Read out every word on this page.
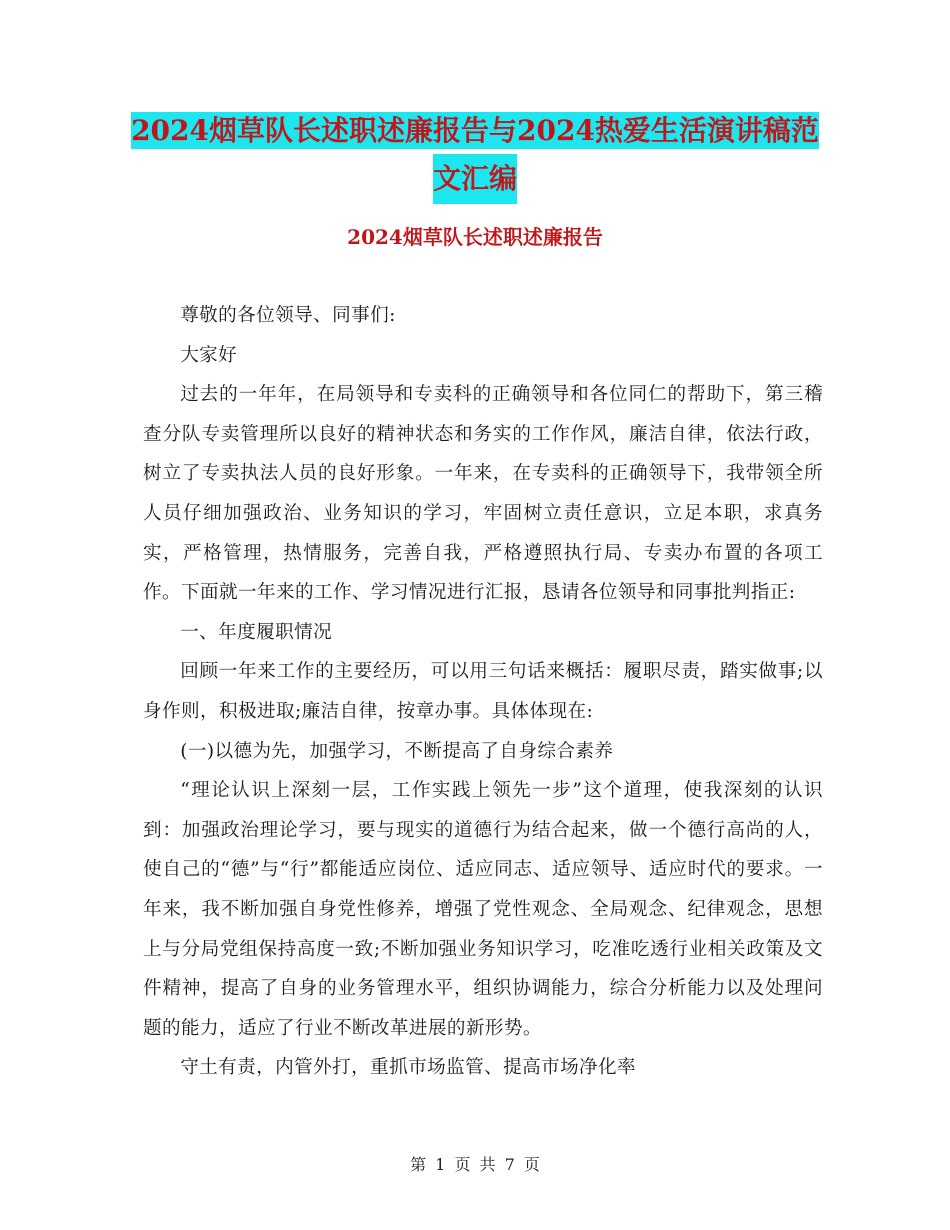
2024烟草队长述职述廉报告与2024热爱生活演讲稿范
文汇编
2024烟草队长述职述廉报告

尊敬的各位领导、同事们:

大家好

过去的一年年，在局领导和专卖科的正确领导和各位同仁的帮助下，第三稽查分队专卖管理所以良好的精神状态和务实的工作作风，廉洁自律，依法行政，树立了专卖执法人员的良好形象。一年来，在专卖科的正确领导下，我带领全所人员仔细加强政治、业务知识的学习，牢固树立责任意识，立足本职，求真务实，严格管理，热情服务，完善自我，严格遵照执行局、专卖办布置的各项工作。下面就一年来的工作、学习情况进行汇报，恳请各位领导和同事批判指正:

一、年度履职情况

回顾一年来工作的主要经历，可以用三句话来概括：履职尽责，踏实做事;以身作则，积极进取;廉洁自律，按章办事。具体体现在:

(一)以德为先，加强学习，不断提高了自身综合素养

“理论认识上深刻一层，工作实践上领先一步”这个道理，使我深刻的认识到：加强政治理论学习，要与现实的道德行为结合起来，做一个德行高尚的人，使自己的“德”与“行”都能适应岗位、适应同志、适应领导、适应时代的要求。一年来，我不断加强自身党性修养，增强了党性观念、全局观念、纪律观念，思想上与分局党组保持高度一致;不断加强业务知识学习，吃准吃透行业相关政策及文件精神，提高了自身的业务管理水平，组织协调能力，综合分析能力以及处理问题的能力，适应了行业不断改革进展的新形势。

守土有责，内管外打，重抓市场监管、提高市场净化率

第 1 页 共 7 页
